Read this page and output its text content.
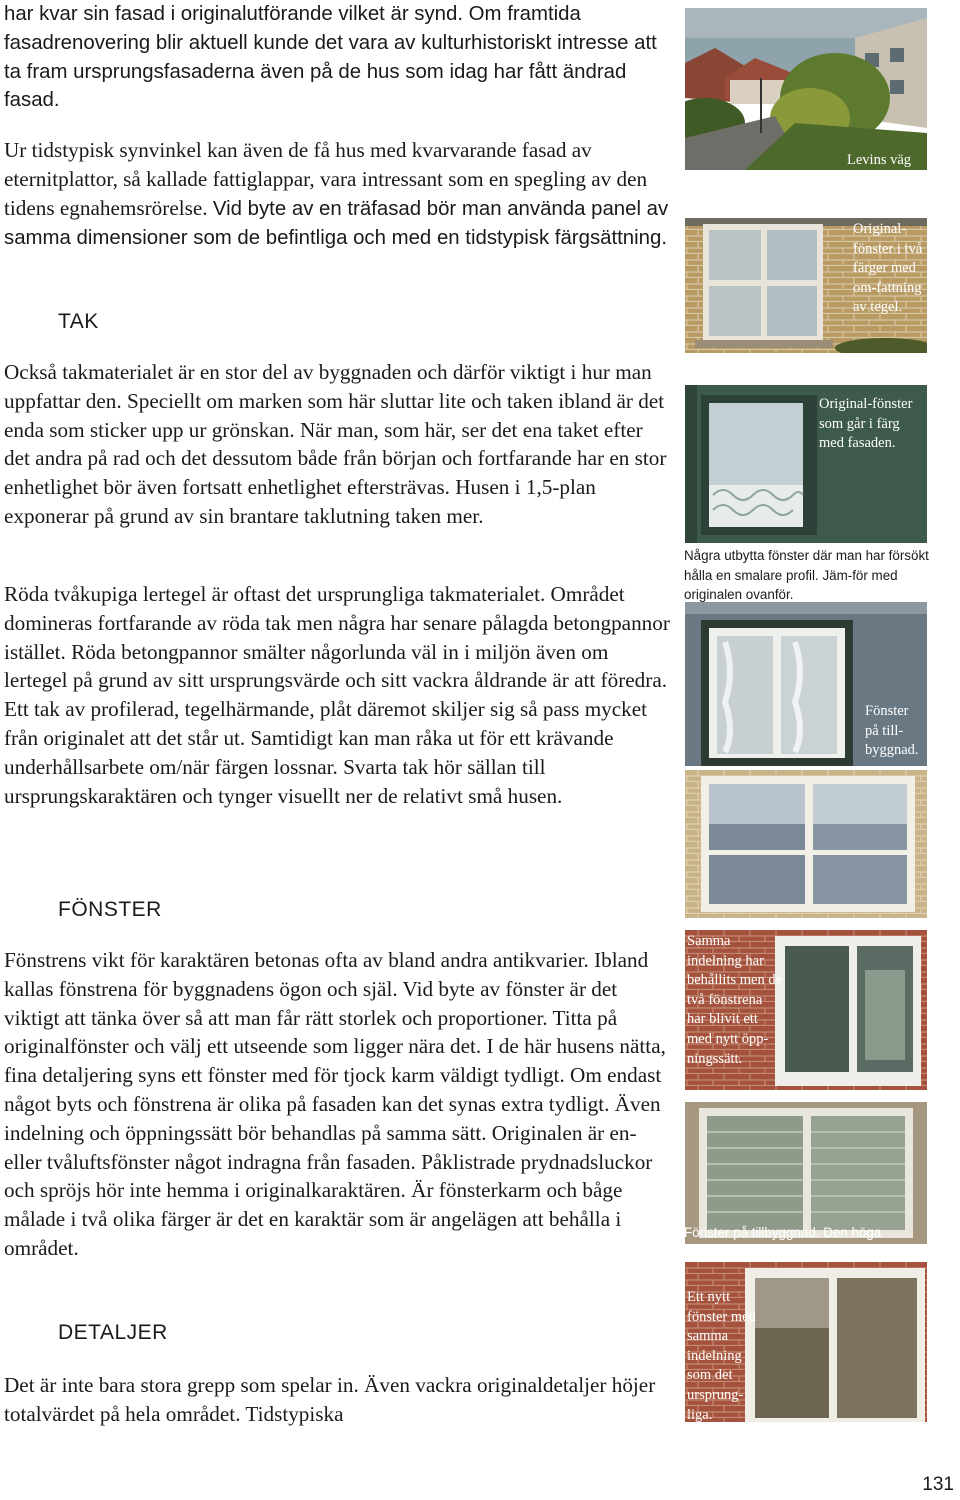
har kvar sin fasad i originalutförande vilket är synd. Om framtida fasadrenovering blir aktuell kunde det vara av kulturhistoriskt intresse att ta fram ursprungsfasaderna även på de hus som idag har fått ändrad fasad.

Ur tidstypisk synvinkel kan även de få hus med kvarvarande fasad av eternitplattor, så kallade fattiglappar, vara intressant som en spegling av den tidens egnahemsrörelse. Vid byte av en träfasad bör man använda panel av samma dimensioner som de befintliga och med en tidstypisk färgsättning.

TAK

Också takmaterialet är en stor del av byggnaden och därför viktigt i hur man uppfattar den. Speciellt om marken som här sluttar lite och taken ibland är det enda som sticker upp ur grönskan. När man, som här, ser det ena taket efter det andra på rad och det dessutom både från början och fortfarande har en stor enhetlighet bör även fortsatt enhetlighet eftersträvas. Husen i 1,5-plan exponerar på grund av sin brantare taklutning taken mer.

Röda tvåkupiga lertegel är oftast det ursprungliga takmaterialet. Området domineras fortfarande av röda tak men några har senare pålagda betongpannor istället. Röda betongpannor smälter någorlunda väl in i miljön även om lertegel på grund av sitt ursprungsvärde och sitt vackra åldrande är att föredra. Ett tak av profilerad, tegelhärmande, plåt däremot skiljer sig så pass mycket från originalet att det står ut. Samtidigt kan man råka ut för ett krävande underhållsarbete om/när färgen lossnar. Svarta tak hör sällan till ursprungskaraktären och tynger visuellt ner de relativt små husen.

FÖNSTER

Fönstrens vikt för karaktären betonas ofta av bland andra antikvarier. Ibland kallas fönstrena för byggnadens ögon och själ. Vid byte av fönster är det viktigt att tänka över så att man får rätt storlek och proportioner. Titta på originalfönster och välj ett utseende som ligger nära det. I de här husens nätta, fina detaljering syns ett fönster med för tjock karm väldigt tydligt. Om endast något byts och fönstrena är olika på fasaden kan det synas extra tydligt. Även indelning och öppningssätt bör behandlas på samma sätt. Originalen är en- eller tvåluftsfönster något indragna från fasaden. Påklistrade prydnadsluckor och spröjs hör inte hemma i originalkaraktären. Är fönsterkarm och båge målade i två olika färger är det en karaktär som är angelägen att behålla i området.

DETALJER

Det är inte bara stora grepp som spelar in. Även vackra originaldetaljer höjer totalvärdet på hela området. Tidstypiska

Levins väg

Original-fönster i två färger med om-fattning av tegel.

Original-fönster som går i färg med fasaden.

Några utbytta fönster där man har försökt hålla en smalare profil. Jäm-för med originalen ovanför.

Fönster på till-byggnad.

Samma indelning har behållits men de två fönstrena har blivit ett med nytt öpp-ningssätt.

Fönster på tillbyggnad. Den höga stående formen på fönster är senare.

Ett nytt fönster med samma indelning som det ursprung-liga.

131
